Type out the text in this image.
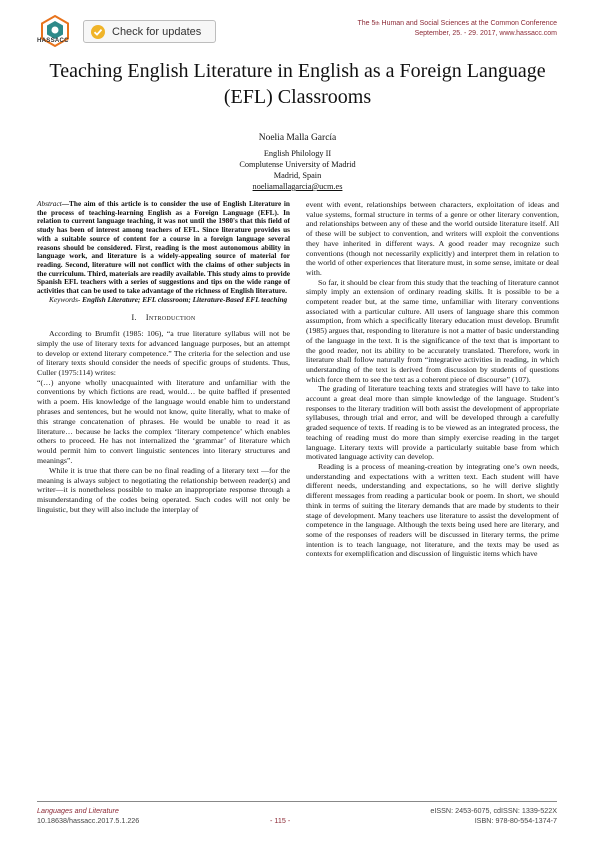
HASSACC
Check for updates
The 5th Human and Social Sciences at the Common Conference
September, 25. - 29. 2017, www.hassacc.com
Teaching English Literature in English as a Foreign Language (EFL) Classrooms
Noelia Malla García
English Philology II
Complutense University of Madrid
Madrid, Spain
noeliamallagarcia@ucm.es

Abstract—The aim of this article is to consider the use of English Literature in the process of teaching-learning English as a Foreign Language (EFL). In relation to current language teaching, it was not until the 1980's that this field of study has been of interest among teachers of EFL. Since literature provides us with a suitable source of content for a course in a foreign language several reasons should be considered. First, reading is the most autonomous ability in language work, and literature is a widely-appealing source of material for reading. Second, literature will not conflict with the claims of other subjects in the curriculum. Third, materials are readily available. This study aims to provide Spanish EFL teachers with a series of suggestions and tips on the wide range of activities that can be used to take advantage of the richness of English literature.

Keywords- English Literature; EFL classroom; Literature-Based EFL teaching

I. Introduction

According to Brumfit (1985: 106), “a true literature syllabus will not be simply the use of literary texts for advanced language purposes, but an attempt to develop or extend literary competence.” The criteria for the selection and use of literary texts should consider the needs of specific groups of students. Thus, Culler (1975:114) writes:

“(…) anyone wholly unacquainted with literature and unfamiliar with the conventions by which fictions are read, would… be quite baffled if presented with a poem. His knowledge of the language would enable him to understand phrases and sentences, but he would not know, quite literally, what to make of this strange concatenation of phrases. He would be unable to read it as literature… because he lacks the complex ‘literary competence’ which enables others to proceed. He has not internalized the ‘grammar’ of literature which would permit him to convert linguistic sentences into literary structures and meanings”.

While it is true that there can be no final reading of a literary text —for the meaning is always subject to negotiating the relationship between reader(s) and writer—it is nonetheless possible to make an inappropriate response through a misunderstanding of the codes being operated. Such codes will not only be linguistic, but they will also include the interplay of

event with event, relationships between characters, exploitation of ideas and value systems, formal structure in terms of a genre or other literary convention, and relationships between any of these and the world outside literature itself. All of these will be subject to convention, and writers will exploit the conventions they have inherited in different ways. A good reader may recognize such conventions (though not necessarily explicitly) and interpret them in relation to the world of other experiences that literature must, in some sense, imitate or deal with.

So far, it should be clear from this study that the teaching of literature cannot simply imply an extension of ordinary reading skills. It is possible to be a competent reader but, at the same time, unfamiliar with literary conventions associated with a particular culture. All users of language share this common assumption, from which a specifically literary education must develop. Brumfit (1985) argues that, responding to literature is not a matter of basic understanding of the language in the text. It is the significance of the text that is important to the good reader, not its ability to be accurately translated. Therefore, work in literature shall follow naturally from “integrative activities in reading, in which understanding of the text is derived from discussion by students of questions which force them to see the text as a coherent piece of discourse” (107).

The grading of literature teaching texts and strategies will have to take into account a great deal more than simple knowledge of the language. Student’s responses to the literary tradition will both assist the development of appropriate syllabuses, through trial and error, and will be developed through a carefully graded sequence of texts. If reading is to be viewed as an integrated process, the teaching of reading must do more than simply exercise reading in the target language. Literary texts will provide a particularly suitable base from which motivated language activity can develop.

Reading is a process of meaning-creation by integrating one’s own needs, understanding and expectations with a written text. Each student will have different needs, understanding and expectations, so he will derive slightly different messages from reading a particular book or poem. In short, we should think in terms of suiting the literary demands that are made by students to their stage of development. Many teachers use literature to assist the development of competence in the language. Although the texts being used here are literary, and some of the responses of readers will be discussed in literary terms, the prime intention is to teach language, not literature, and the texts may be used as contexts for exemplification and discussion of linguistic items which have

Languages and Literature
10.18638/hassacc.2017.5.1.226	- 115 -
eISSN: 2453-6075, cdISSN: 1339-522X
ISBN: 978-80-554-1374-7
